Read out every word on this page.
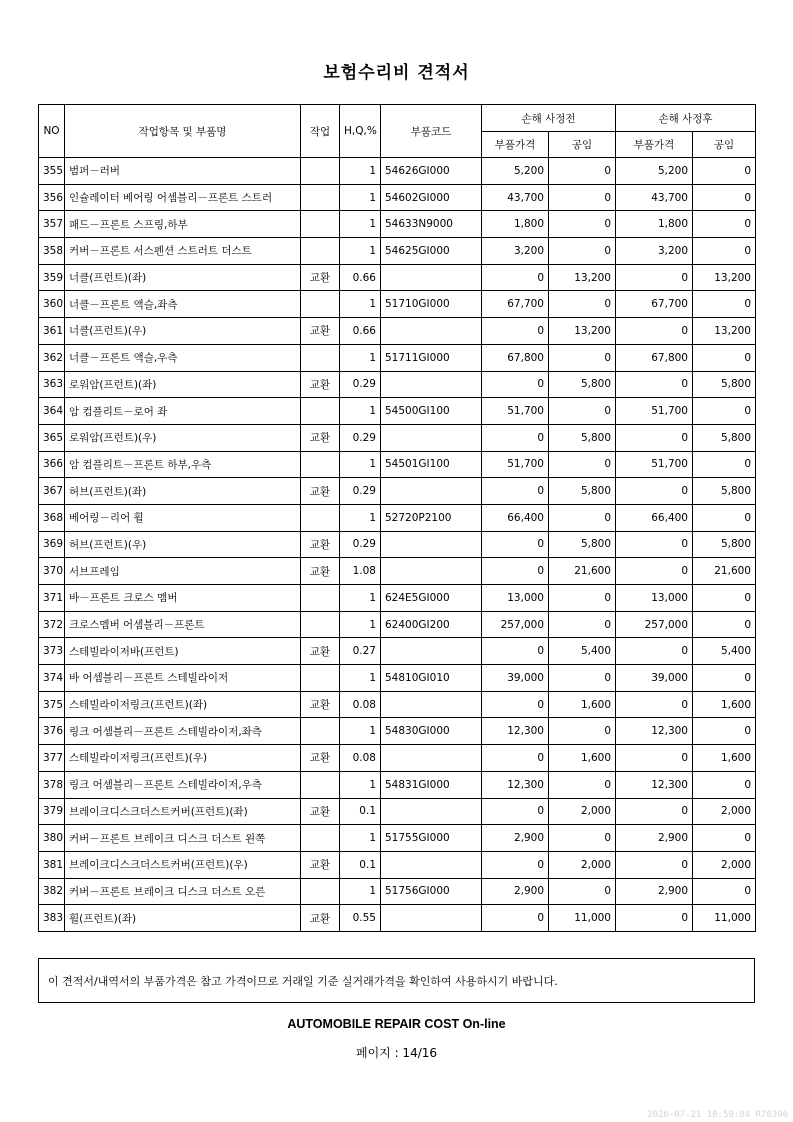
보험수리비 견적서
NO	작업항목 및 부품명	작업	H,Q,%	부품코드	손해 사정전		손해 사정후	
					부품가격	공임	부품가격	공임
355	범퍼－러버		1	54626GI000	5,200	0	5,200	0
356	인슐레이터 베어링 어셈블리－프론트 스트러		1	54602GI000	43,700	0	43,700	0
357	패드－프론트 스프링,하부		1	54633N9000	1,800	0	1,800	0
358	커버－프론트 서스펜션 스트러트 더스트		1	54625GI000	3,200	0	3,200	0
359	너클(프런트)(좌)	교환	0.66		0	13,200	0	13,200
360	너클－프론트 액슬,좌측		1	51710GI000	67,700	0	67,700	0
361	너클(프런트)(우)	교환	0.66		0	13,200	0	13,200
362	너클－프론트 액슬,우측		1	51711GI000	67,800	0	67,800	0
363	로워암(프런트)(좌)	교환	0.29		0	5,800	0	5,800
364	암 컴플리트－로어 좌		1	54500GI100	51,700	0	51,700	0
365	로워암(프런트)(우)	교환	0.29		0	5,800	0	5,800
366	암 컴플리트－프론트 하부,우측		1	54501GI100	51,700	0	51,700	0
367	허브(프런트)(좌)	교환	0.29		0	5,800	0	5,800
368	베어링－리어 휠		1	52720P2100	66,400	0	66,400	0
369	허브(프런트)(우)	교환	0.29		0	5,800	0	5,800
370	서브프레임	교환	1.08		0	21,600	0	21,600
371	바－프론트 크로스 멤버		1	624E5GI000	13,000	0	13,000	0
372	크로스멤버 어셈블리－프론트		1	62400GI200	257,000	0	257,000	0
373	스테빌라이저바(프런트)	교환	0.27		0	5,400	0	5,400
374	바 어셈블리－프론트 스테빌라이저		1	54810GI010	39,000	0	39,000	0
375	스테빌라이저링크(프런트)(좌)	교환	0.08		0	1,600	0	1,600
376	링크 어셈블리－프론트 스테빌라이저,좌측		1	54830GI000	12,300	0	12,300	0
377	스테빌라이저링크(프런트)(우)	교환	0.08		0	1,600	0	1,600
378	링크 어셈블리－프론트 스테빌라이저,우측		1	54831GI000	12,300	0	12,300	0
379	브레이크디스크더스트커버(프런트)(좌)	교환	0.1		0	2,000	0	2,000
380	커버－프론트 브레이크 디스크 더스트 왼쪽		1	51755GI000	2,900	0	2,900	0
381	브레이크디스크더스트커버(프런트)(우)	교환	0.1		0	2,000	0	2,000
382	커버－프론트 브레이크 디스크 더스트 오른		1	51756GI000	2,900	0	2,900	0
383	휠(프런트)(좌)	교환	0.55		0	11,000	0	11,000
이 견적서/내역서의 부품가격은 참고 가격이므로 거래일 기준 실거래가격을 확인하여 사용하시기 바랍니다.
AUTOMOBILE REPAIR COST On-line
페이지 : 14/16
2026-07-21 10:59:04 R70396
